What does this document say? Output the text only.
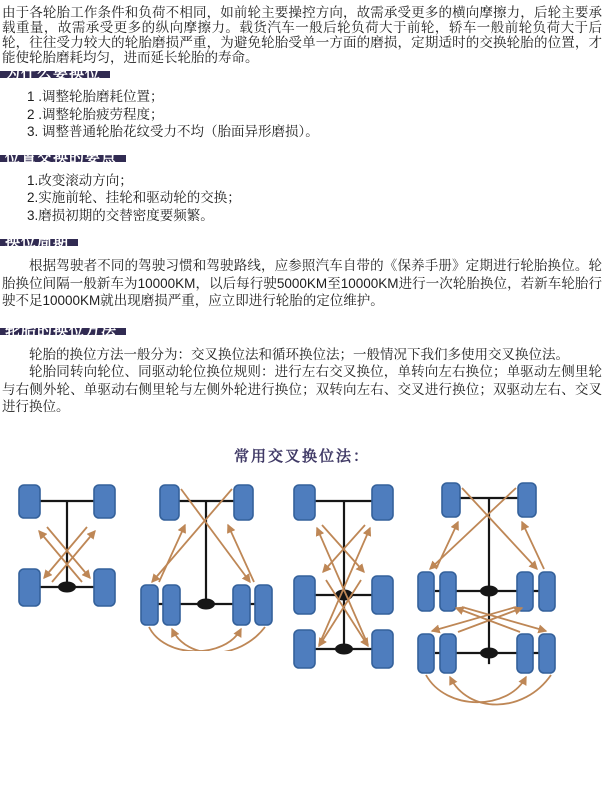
由于各轮胎工作条件和负荷不相同，如前轮主要操控方向，故需承受更多的横向摩擦力，后轮主要承载重量，故需承受更多的纵向摩擦力。载货汽车一般后轮负荷大于前轮，轿车一般前轮负荷大于后轮，往往受力较大的轮胎磨损严重，为避免轮胎受单一方面的磨损，定期适时的交换轮胎的位置，才能使轮胎磨耗均匀，进而延长轮胎的寿命。

为什么要换位
1 .调整轮胎磨耗位置；
2 .调整轮胎疲劳程度；
3. 调整普通轮胎花纹受力不均（胎面异形磨损）。
位置交换的要点
1.改变滚动方向；
2.实施前轮、挂轮和驱动轮的交换；
3.磨损初期的交替密度要频繁。
换位周期

根据驾驶者不同的驾驶习惯和驾驶路线，应参照汽车自带的《保养手册》定期进行轮胎换位。轮胎换位间隔一般新车为10000KM，以后每行驶5000KM至10000KM进行一次轮胎换位，若新车轮胎行驶不足10000KM就出现磨损严重，应立即进行轮胎的定位维护。

轮胎的换位方法

轮胎的换位方法一般分为：交叉换位法和循环换位法；一般情况下我们多使用交叉换位法。

轮胎同转向轮位、同驱动轮位换位规则：进行左右交叉换位，单转向左右换位；单驱动左侧里轮与右侧外轮、单驱动右侧里轮与左侧外轮进行换位；双转向左右、交叉进行换位；双驱动左右、交叉进行换位。

常用交叉换位法：
